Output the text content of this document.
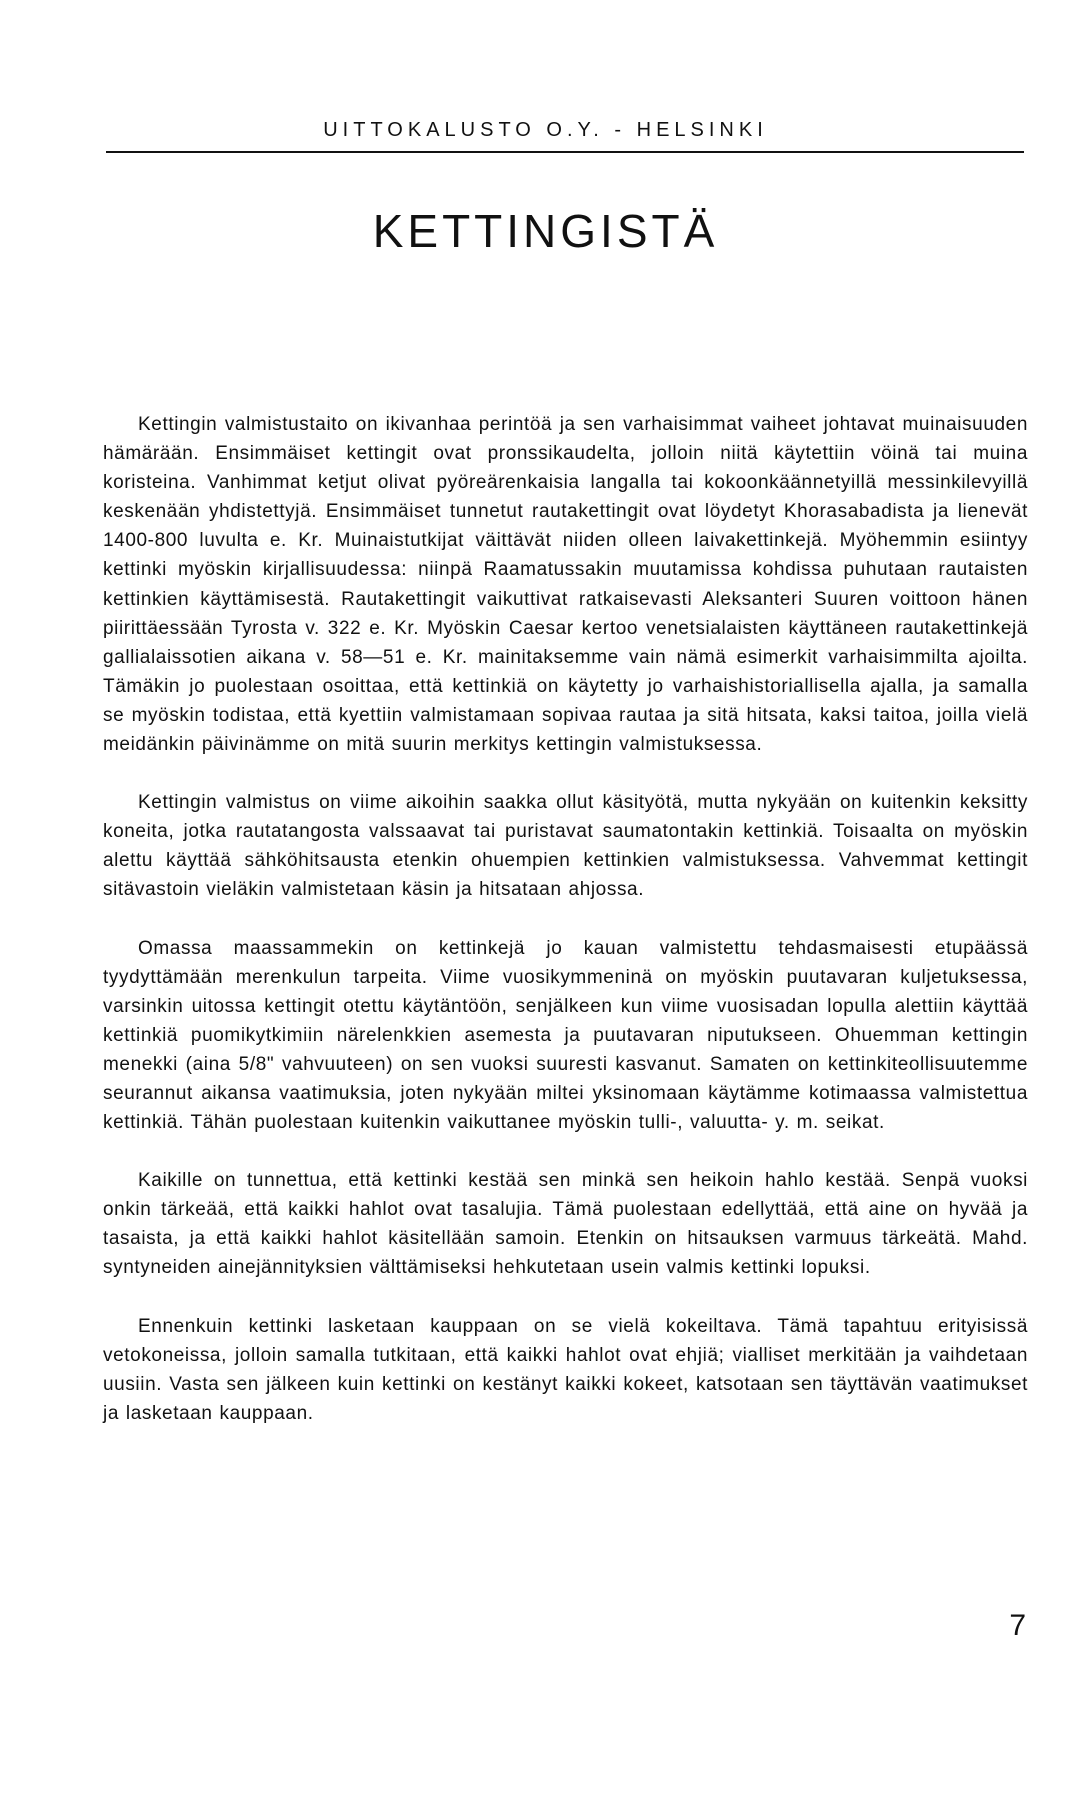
UITTOKALUSTO O.Y. - HELSINKI
KETTINGISTÄ

Kettingin valmistustaito on ikivanhaa perintöä ja sen varhaisimmat vaiheet johtavat muinaisuuden hämärään. Ensimmäiset kettingit ovat pronssikaudelta, jolloin niitä käytettiin vöinä tai muina koristeina. Vanhimmat ketjut olivat pyöreärenkaisia langalla tai kokoonkäännetyillä messinkilevyillä keskenään yhdistettyjä. Ensimmäiset tunnetut rautakettingit ovat löydetyt Khorasabadista ja lienevät 1400-800 luvulta e. Kr. Muinaistutkijat väittävät niiden olleen laivakettinkejä. Myöhemmin esiintyy kettinki myöskin kirjallisuudessa: niinpä Raamatussakin muutamissa kohdissa puhutaan rautaisten kettinkien käyttämisestä. Rautakettingit vaikuttivat ratkaisevasti Aleksanteri Suuren voittoon hänen piirittäessään Tyrosta v. 322 e. Kr. Myöskin Caesar kertoo venetsialaisten käyttäneen rautakettinkejä gallialaissotien aikana v. 58—51 e. Kr. mainitaksemme vain nämä esimerkit varhaisimmilta ajoilta. Tämäkin jo puolestaan osoittaa, että kettinkiä on käytetty jo varhaishistoriallisella ajalla, ja samalla se myöskin todistaa, että kyettiin valmistamaan sopivaa rautaa ja sitä hitsata, kaksi taitoa, joilla vielä meidänkin päivinämme on mitä suurin merkitys kettingin valmistuksessa.

Kettingin valmistus on viime aikoihin saakka ollut käsityötä, mutta nykyään on kuitenkin keksitty koneita, jotka rautatangosta valssaavat tai puristavat saumatontakin kettinkiä. Toisaalta on myöskin alettu käyttää sähköhitsausta etenkin ohuempien kettinkien valmistuksessa. Vahvemmat kettingit sitävastoin vieläkin valmistetaan käsin ja hitsataan ahjossa.

Omassa maassammekin on kettinkejä jo kauan valmistettu tehdasmaisesti etupäässä tyydyttämään merenkulun tarpeita. Viime vuosikymmeninä on myöskin puutavaran kuljetuksessa, varsinkin uitossa kettingit otettu käytäntöön, senjälkeen kun viime vuosisadan lopulla alettiin käyttää kettinkiä puomikytkimiin närelenkkien asemesta ja puutavaran niputukseen. Ohuemman kettingin menekki (aina 5/8" vahvuuteen) on sen vuoksi suuresti kasvanut. Samaten on kettinkiteollisuutemme seurannut aikansa vaatimuksia, joten nykyään miltei yksinomaan käytämme kotimaassa valmistettua kettinkiä. Tähän puolestaan kuitenkin vaikuttanee myöskin tulli-, valuutta- y. m. seikat.

Kaikille on tunnettua, että kettinki kestää sen minkä sen heikoin hahlo kestää. Senpä vuoksi onkin tärkeää, että kaikki hahlot ovat tasalujia. Tämä puolestaan edellyttää, että aine on hyvää ja tasaista, ja että kaikki hahlot käsitellään samoin. Etenkin on hitsauksen varmuus tärkeätä. Mahd. syntyneiden ainejännityksien välttämiseksi hehkutetaan usein valmis kettinki lopuksi.

Ennenkuin kettinki lasketaan kauppaan on se vielä kokeiltava. Tämä tapahtuu erityisissä vetokoneissa, jolloin samalla tutkitaan, että kaikki hahlot ovat ehjiä; vialliset merkitään ja vaihdetaan uusiin. Vasta sen jälkeen kuin kettinki on kestänyt kaikki kokeet, katsotaan sen täyttävän vaatimukset ja lasketaan kauppaan.

7
